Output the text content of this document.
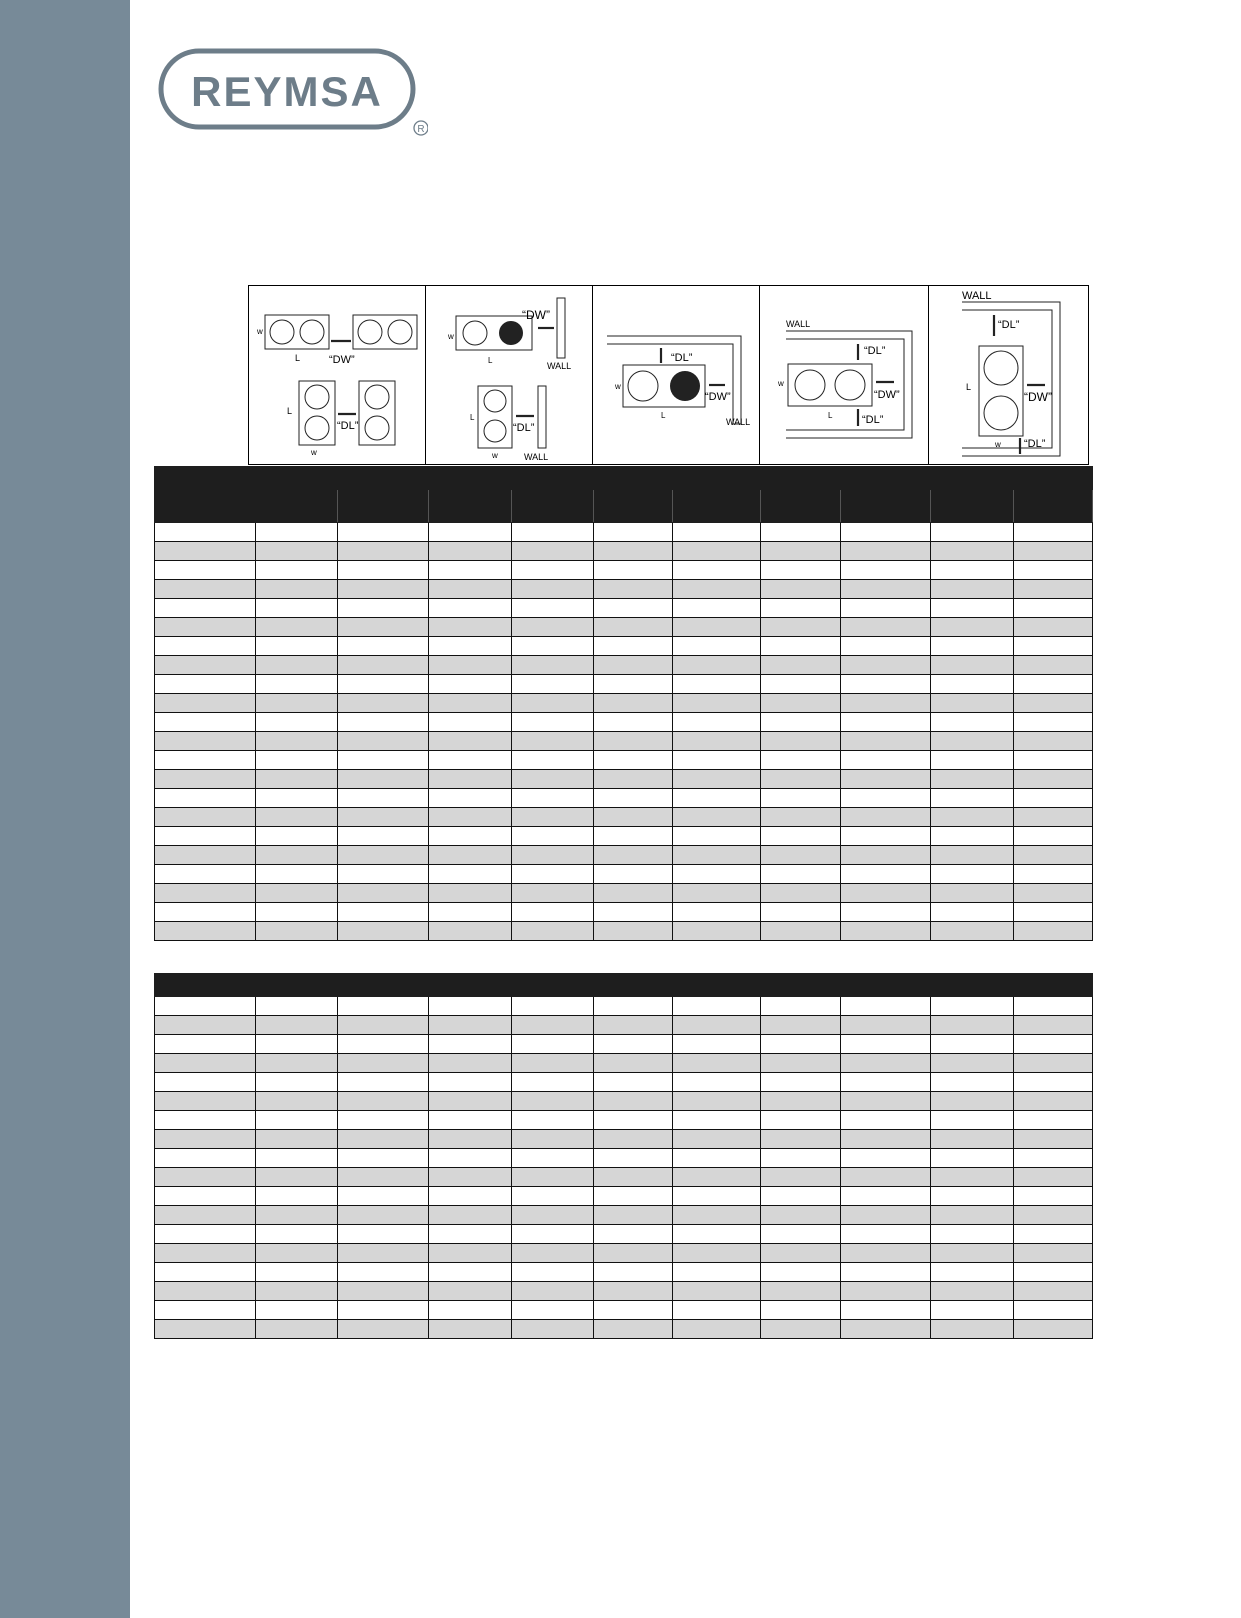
REYMSA
R
w
L	“DW”
L
“DL”
w
“DW”
WALL
w
L
L
“DL”
w	WALL
“DL”
“DW”
WALL
w
L
WALL
“DL”
“DW”
“DL”
w
L
WALL
“DL”
“DW”
“DL”
L
w
